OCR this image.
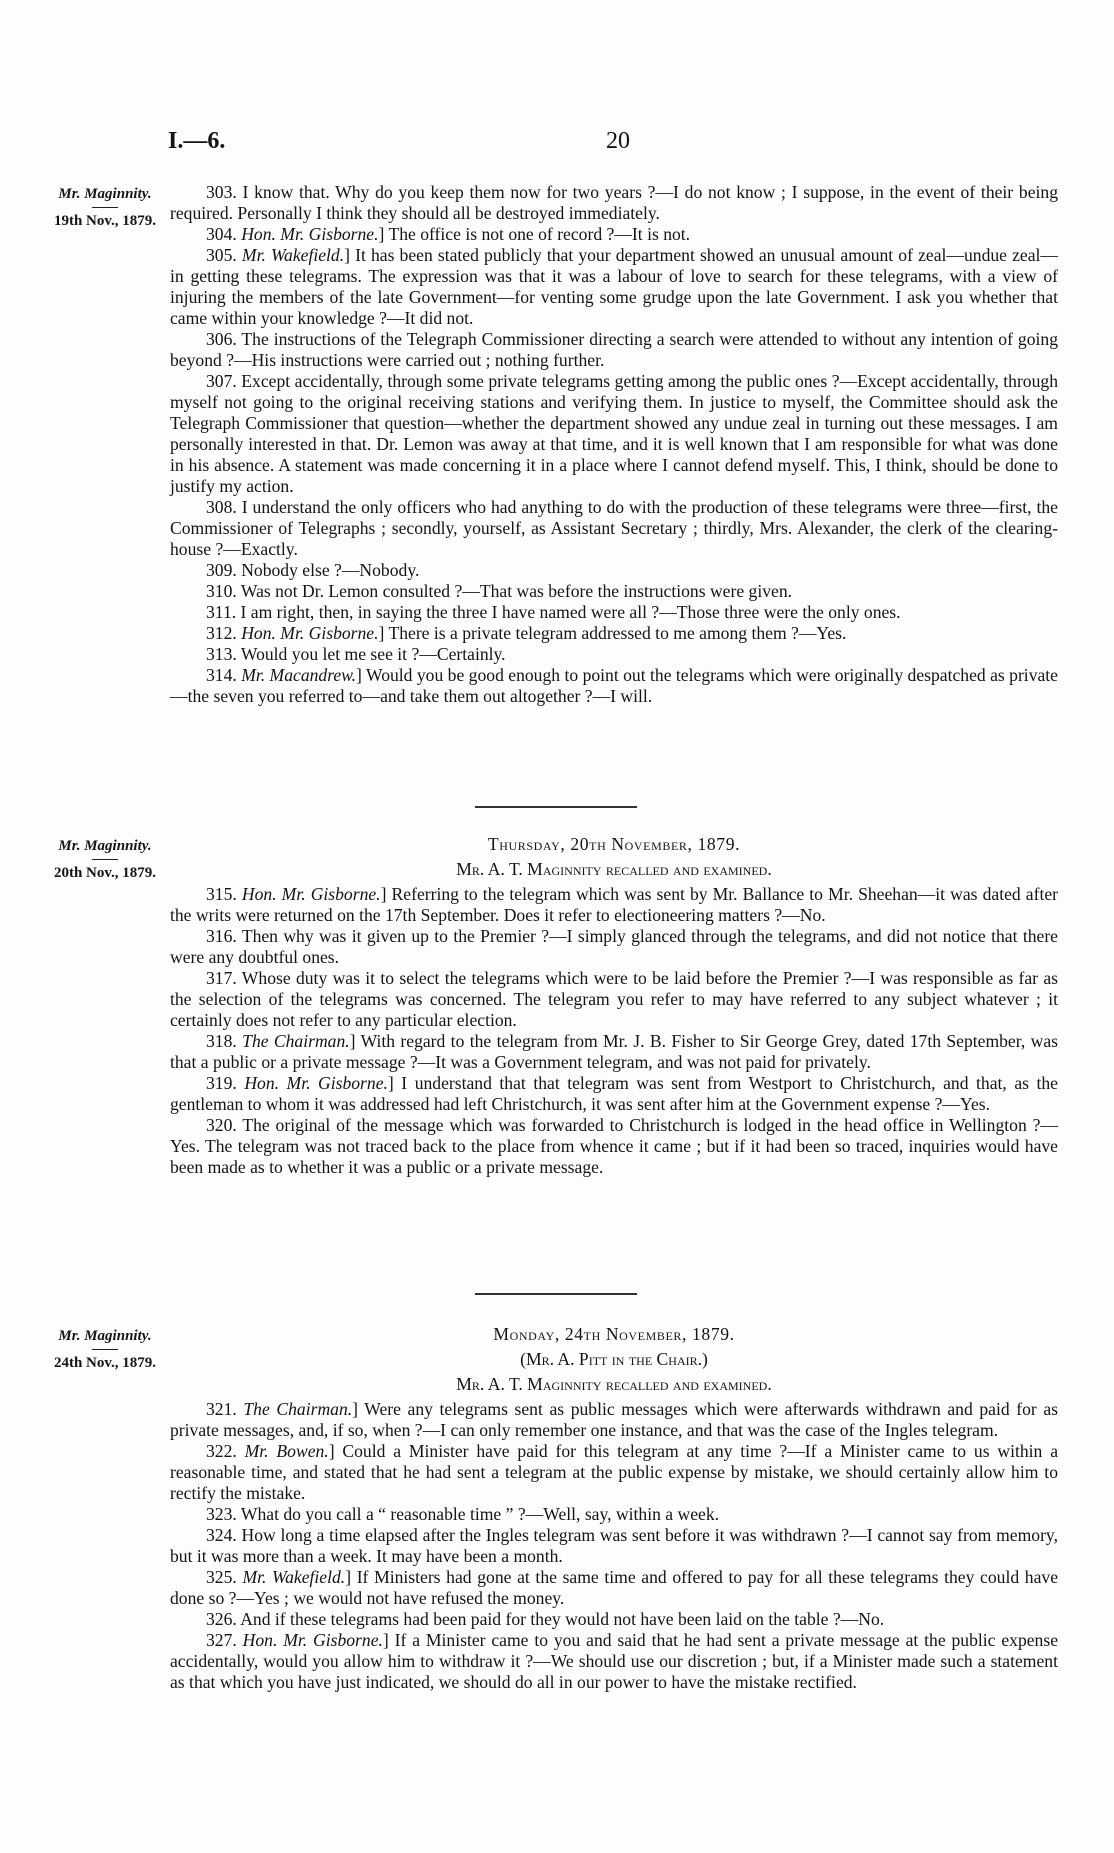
I.—6.	20
Mr. Maginnity.
19th Nov., 1879.

303. I know that. Why do you keep them now for two years ?—I do not know ; I suppose, in the event of their being required. Personally I think they should all be destroyed immediately.

304. Hon. Mr. Gisborne.] The office is not one of record ?—It is not.

305. Mr. Wakefield.] It has been stated publicly that your department showed an unusual amount of zeal—undue zeal—in getting these telegrams. The expression was that it was a labour of love to search for these telegrams, with a view of injuring the members of the late Government—for venting some grudge upon the late Government. I ask you whether that came within your knowledge ?—It did not.

306. The instructions of the Telegraph Commissioner directing a search were attended to without any intention of going beyond ?—His instructions were carried out ; nothing further.

307. Except accidentally, through some private telegrams getting among the public ones ?—Except accidentally, through myself not going to the original receiving stations and verifying them. In justice to myself, the Committee should ask the Telegraph Commissioner that question—whether the department showed any undue zeal in turning out these messages. I am personally interested in that. Dr. Lemon was away at that time, and it is well known that I am responsible for what was done in his absence. A statement was made concerning it in a place where I cannot defend myself. This, I think, should be done to justify my action.

308. I understand the only officers who had anything to do with the production of these telegrams were three—first, the Commissioner of Telegraphs ; secondly, yourself, as Assistant Secretary ; thirdly, Mrs. Alexander, the clerk of the clearing-house ?—Exactly.

309. Nobody else ?—Nobody.

310. Was not Dr. Lemon consulted ?—That was before the instructions were given.

311. I am right, then, in saying the three I have named were all ?—Those three were the only ones.

312. Hon. Mr. Gisborne.] There is a private telegram addressed to me among them ?—Yes.

313. Would you let me see it ?—Certainly.

314. Mr. Macandrew.] Would you be good enough to point out the telegrams which were originally despatched as private—the seven you referred to—and take them out altogether ?—I will.

Mr. Maginnity.
20th Nov., 1879.
Thursday, 20th November, 1879.
Mr. A. T. Maginnity recalled and examined.

315. Hon. Mr. Gisborne.] Referring to the telegram which was sent by Mr. Ballance to Mr. Sheehan—it was dated after the writs were returned on the 17th September. Does it refer to electioneering matters ?—No.

316. Then why was it given up to the Premier ?—I simply glanced through the telegrams, and did not notice that there were any doubtful ones.

317. Whose duty was it to select the telegrams which were to be laid before the Premier ?—I was responsible as far as the selection of the telegrams was concerned. The telegram you refer to may have referred to any subject whatever ; it certainly does not refer to any particular election.

318. The Chairman.] With regard to the telegram from Mr. J. B. Fisher to Sir George Grey, dated 17th September, was that a public or a private message ?—It was a Government telegram, and was not paid for privately.

319. Hon. Mr. Gisborne.] I understand that that telegram was sent from Westport to Christchurch, and that, as the gentleman to whom it was addressed had left Christchurch, it was sent after him at the Government expense ?—Yes.

320. The original of the message which was forwarded to Christchurch is lodged in the head office in Wellington ?—Yes. The telegram was not traced back to the place from whence it came ; but if it had been so traced, inquiries would have been made as to whether it was a public or a private message.

Mr. Maginnity.
24th Nov., 1879.
Monday, 24th November, 1879.
(Mr. A. Pitt in the Chair.)
Mr. A. T. Maginnity recalled and examined.

321. The Chairman.] Were any telegrams sent as public messages which were afterwards withdrawn and paid for as private messages, and, if so, when ?—I can only remember one instance, and that was the case of the Ingles telegram.

322. Mr. Bowen.] Could a Minister have paid for this telegram at any time ?—If a Minister came to us within a reasonable time, and stated that he had sent a telegram at the public expense by mistake, we should certainly allow him to rectify the mistake.

323. What do you call a “ reasonable time ” ?—Well, say, within a week.

324. How long a time elapsed after the Ingles telegram was sent before it was withdrawn ?—I cannot say from memory, but it was more than a week. It may have been a month.

325. Mr. Wakefield.] If Ministers had gone at the same time and offered to pay for all these telegrams they could have done so ?—Yes ; we would not have refused the money.

326. And if these telegrams had been paid for they would not have been laid on the table ?—No.

327. Hon. Mr. Gisborne.] If a Minister came to you and said that he had sent a private message at the public expense accidentally, would you allow him to withdraw it ?—We should use our discretion ; but, if a Minister made such a statement as that which you have just indicated, we should do all in our power to have the mistake rectified.
